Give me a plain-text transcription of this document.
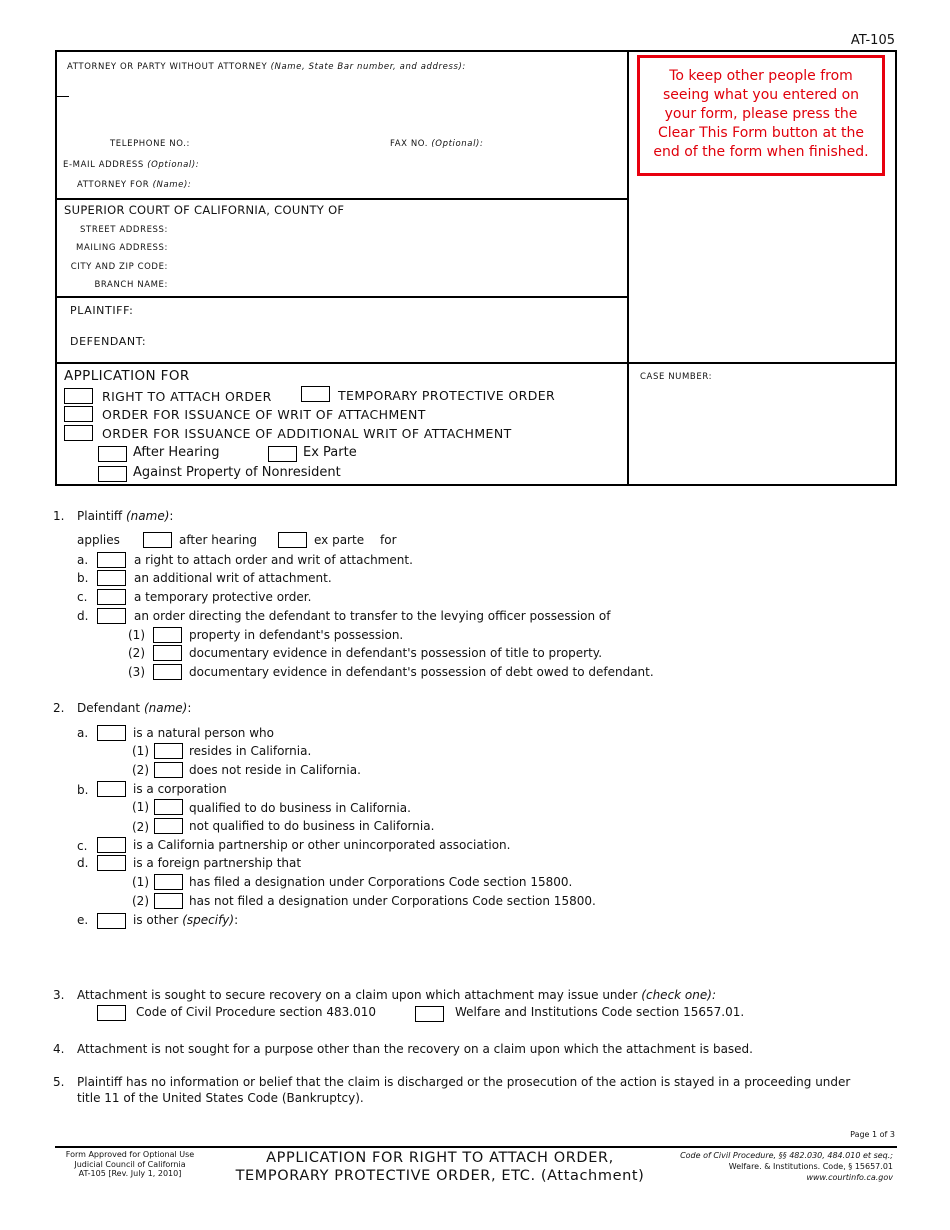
AT-105
ATTORNEY OR PARTY WITHOUT ATTORNEY (Name, State Bar number, and address):
TELEPHONE NO.:	FAX NO. (Optional):
E-MAIL ADDRESS (Optional):
ATTORNEY FOR (Name):
SUPERIOR COURT OF CALIFORNIA, COUNTY OF
STREET ADDRESS:
MAILING ADDRESS:
CITY AND ZIP CODE:
BRANCH NAME:
PLAINTIFF:
DEFENDANT:
CASE NUMBER:
To keep other people from seeing what you entered on your form, please press the Clear This Form button at the end of the form when finished.
APPLICATION FOR
RIGHT TO ATTACH ORDER	TEMPORARY PROTECTIVE ORDER
ORDER FOR ISSUANCE OF WRIT OF ATTACHMENT
ORDER FOR ISSUANCE OF ADDITIONAL WRIT OF ATTACHMENT
After Hearing	Ex Parte
Against Property of Nonresident
1. Plaintiff (name):
applies	after hearing	ex parte for
a.	a right to attach order and writ of attachment.
b.	an additional writ of attachment.
c.	a temporary protective order.
d.	an order directing the defendant to transfer to the levying officer possession of
(1)	property in defendant's possession.
(2)	documentary evidence in defendant's possession of title to property.
(3)	documentary evidence in defendant's possession of debt owed to defendant.
2. Defendant (name):
a.	is a natural person who
(1)	resides in California.
(2)	does not reside in California.
b.	is a corporation
(1)	qualified to do business in California.
(2)	not qualified to do business in California.
c.	is a California partnership or other unincorporated association.
d.	is a foreign partnership that
(1)	has filed a designation under Corporations Code section 15800.
(2)	has not filed a designation under Corporations Code section 15800.
e.	is other (specify):
3. Attachment is sought to secure recovery on a claim upon which attachment may issue under (check one):
Code of Civil Procedure section 483.010	Welfare and Institutions Code section 15657.01.
4. Attachment is not sought for a purpose other than the recovery on a claim upon which the attachment is based.
5. Plaintiff has no information or belief that the claim is discharged or the prosecution of the action is stayed in a proceeding under
title 11 of the United States Code (Bankruptcy).
Page 1 of 3
Form Approved for Optional Use
Judicial Council of California
AT-105 [Rev. July 1, 2010]
APPLICATION FOR RIGHT TO ATTACH ORDER,
TEMPORARY PROTECTIVE ORDER, ETC. (Attachment)
Code of Civil Procedure, §§ 482.030, 484.010 et seq.;
Welfare. & Institutions. Code, § 15657.01
www.courtinfo.ca.gov
